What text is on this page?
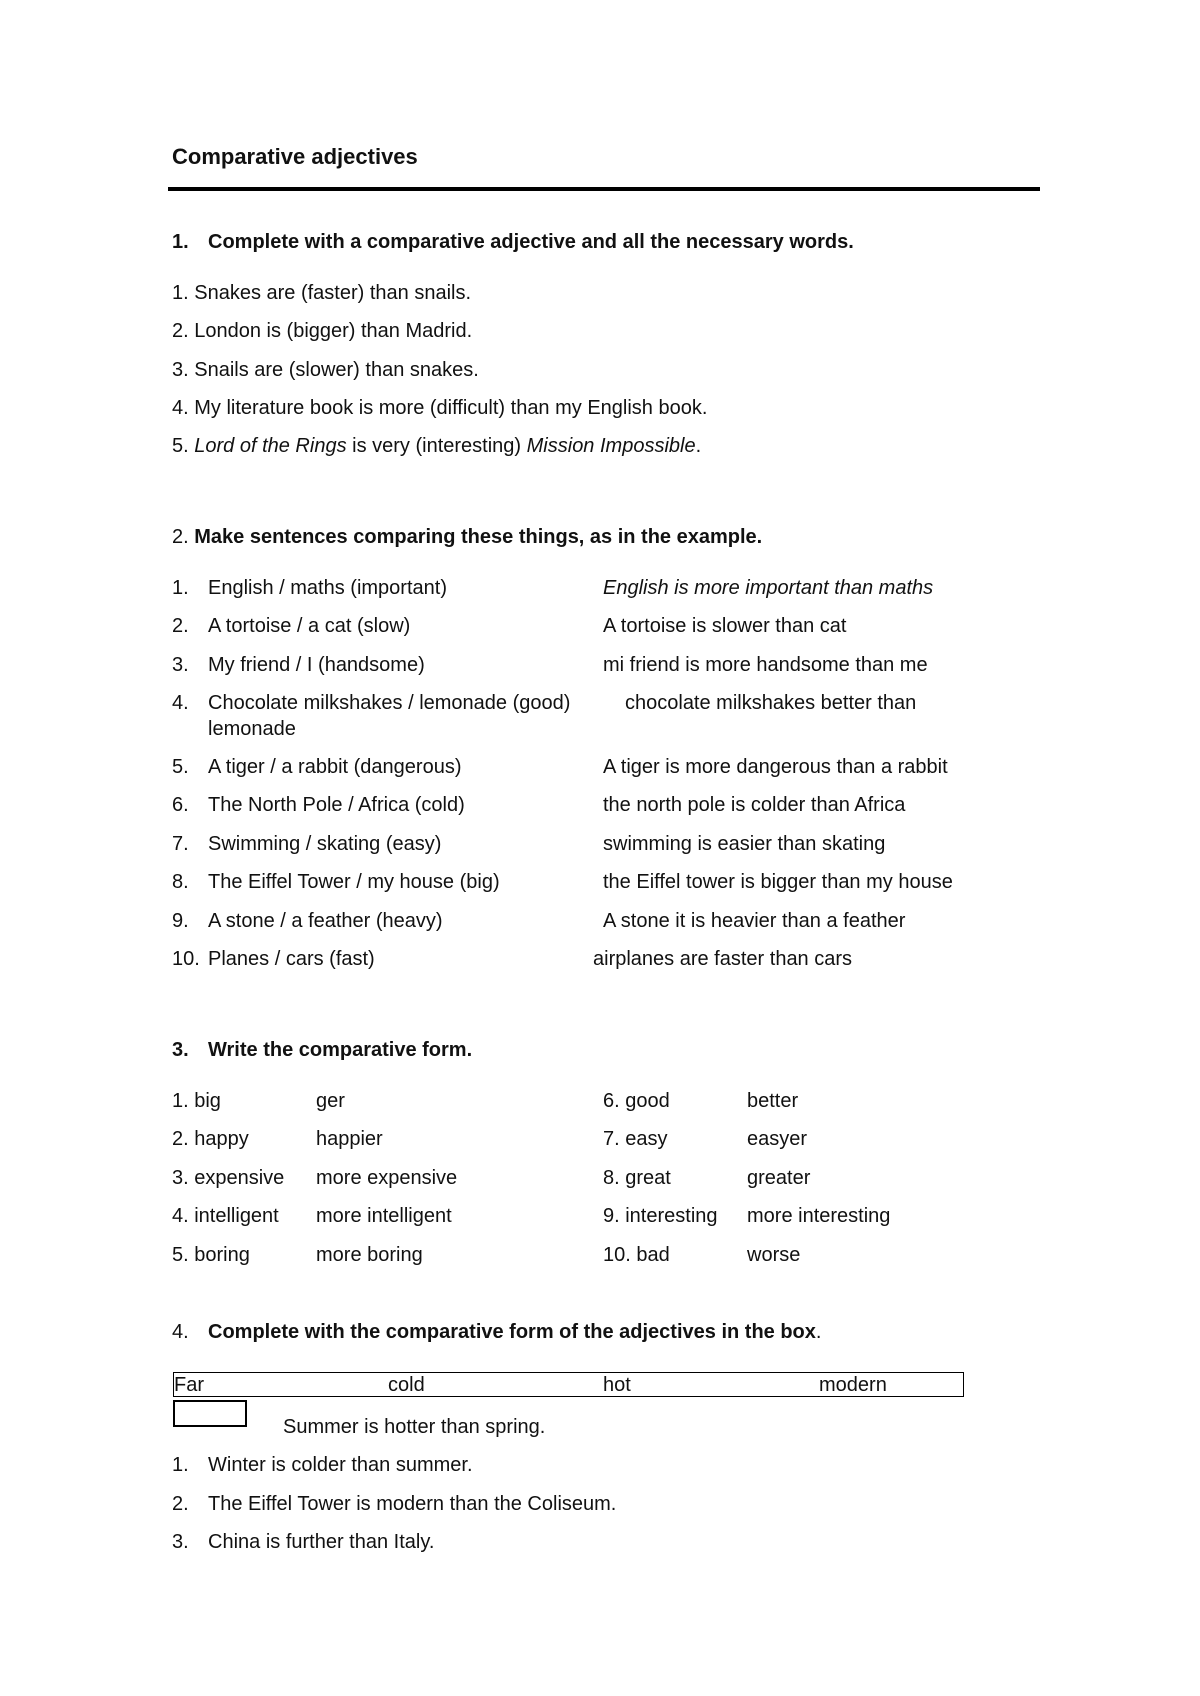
Comparative adjectives
1. Complete with a comparative adjective and all the necessary words.
1. Snakes are (faster) than snails.
2. London is (bigger) than Madrid.
3. Snails are (slower) than snakes.
4. My literature book is more (difficult) than my English book.
5. Lord of the Rings is very (interesting) Mission Impossible.
2. Make sentences comparing these things, as in the example.
1. English / maths (important)	English is more important than maths
2. A tortoise / a cat (slow)	A tortoise is slower than cat
3. My friend / I (handsome)	mi friend is more handsome than me
4. Chocolate milkshakes / lemonade (good)	chocolate milkshakes better than
lemonade
5. A tiger / a rabbit (dangerous)	A tiger is more dangerous than a rabbit
6. The North Pole / Africa (cold)	the north pole is colder than Africa
7. Swimming / skating (easy)	swimming is easier than skating
8. The Eiffel Tower / my house (big)	the Eiffel tower is bigger than my house
9. A stone / a feather (heavy)	A stone it is heavier than a feather
10. Planes / cars (fast)	airplanes are faster than cars
3. Write the comparative form.
1. big	ger	6. good	better
2. happy	happier	7. easy	easyer
3. expensive more expensive	8. great	greater
4. intelligent more intelligent	9. interesting more interesting
5. boring	more boring	10. bad	worse
4. Complete with the comparative form of the adjectives in the box.
Far	cold	hot	modern
Summer is hotter than spring.
1. Winter is colder than summer.
2. The Eiffel Tower is modern than the Coliseum.
3. China is further than Italy.
